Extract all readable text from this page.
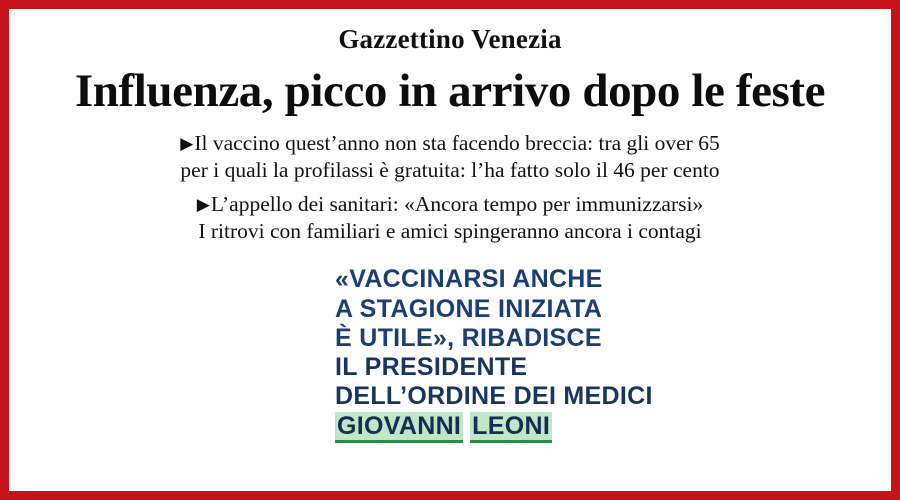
Gazzettino Venezia
Influenza, picco in arrivo dopo le feste
▶Il vaccino quest’anno non sta facendo breccia: tra gli over 65
per i quali la profilassi è gratuita: l’ha fatto solo il 46 per cento
▶L’appello dei sanitari: «Ancora tempo per immunizzarsi»
I ritrovi con familiari e amici spingeranno ancora i contagi
«VACCINARSI ANCHE
A STAGIONE INIZIATA
È UTILE», RIBADISCE
IL PRESIDENTE
DELL’ORDINE DEI MEDICI
GIOVANNI LEONI
